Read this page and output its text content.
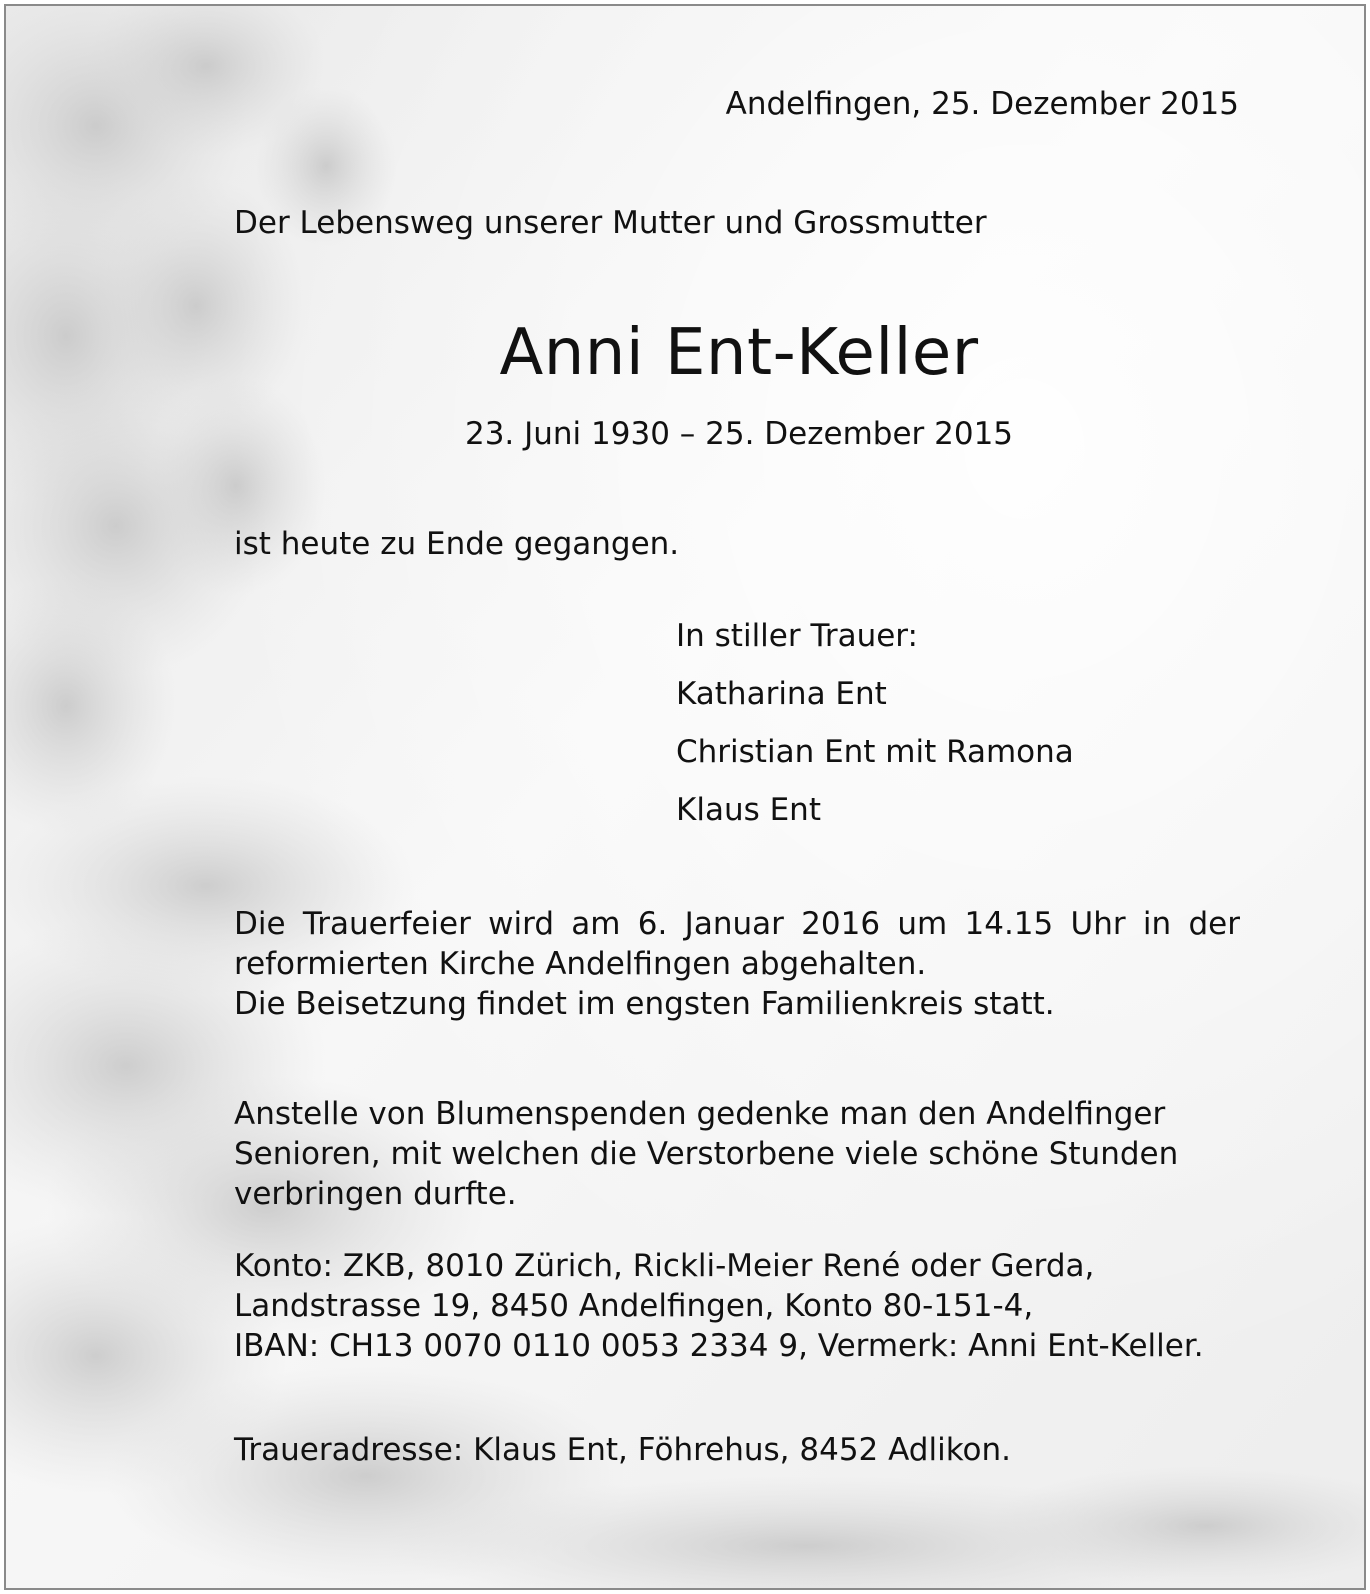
Andelfingen, 25. Dezember 2015

Der Lebensweg unserer Mutter und Grossmutter

Anni Ent-Keller

23. Juni 1930 – 25. Dezember 2015

ist heute zu Ende gegangen.

In stiller Trauer:

Katharina Ent

Christian Ent mit Ramona

Klaus Ent

Die Trauerfeier wird am 6. Januar 2016 um 14.15 Uhr in der
reformierten Kirche Andelfingen abgehalten.
Die Beisetzung findet im engsten Familienkreis statt.
Anstelle von Blumenspenden gedenke man den Andelfinger
Senioren, mit welchen die Verstorbene viele schöne Stunden
verbringen durfte.
Konto: ZKB, 8010 Zürich, Rickli-Meier René oder Gerda,
Landstrasse 19, 8450 Andelfingen, Konto 80-151-4,
IBAN: CH13 0070 0110 0053 2334 9, Vermerk: Anni Ent-Keller.

Traueradresse: Klaus Ent, Föhrehus, 8452 Adlikon.
